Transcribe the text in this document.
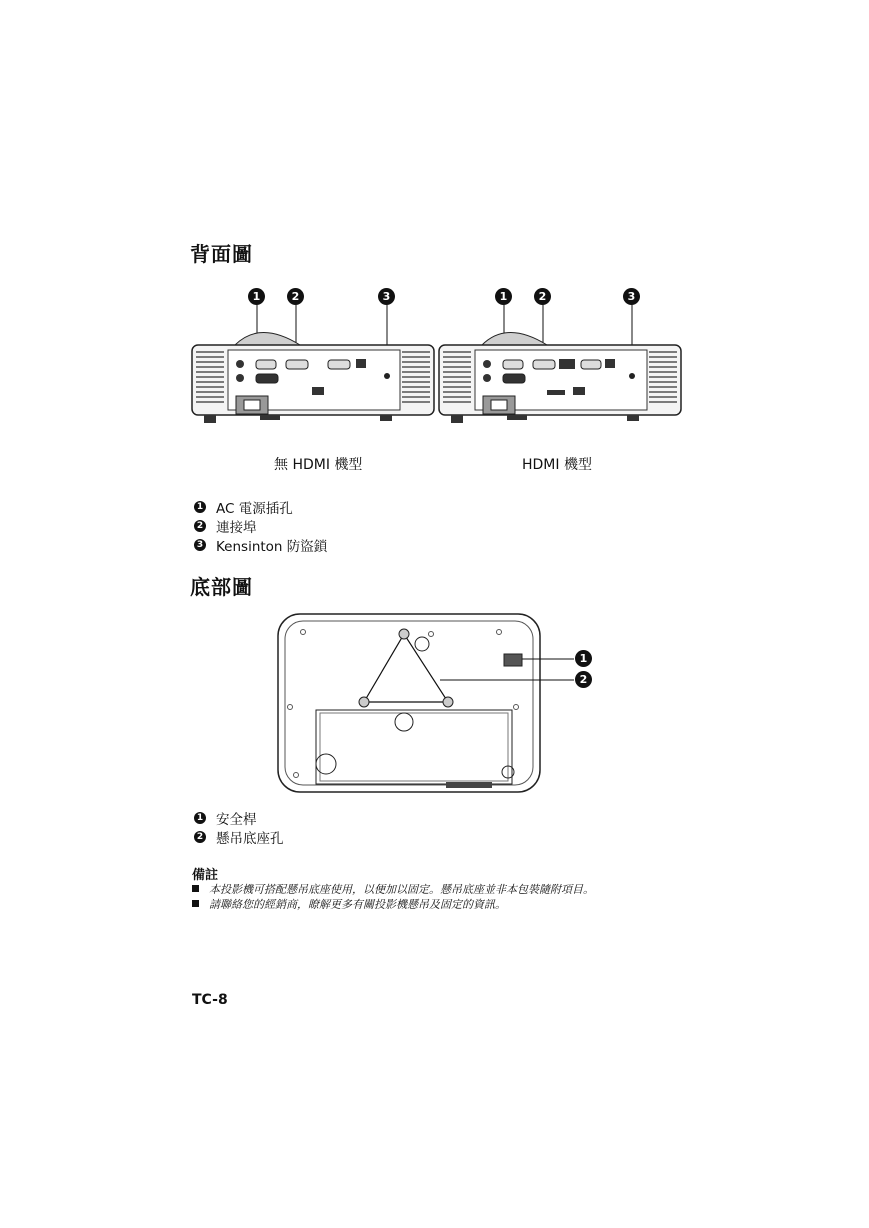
背面圖
1	2	3	1	2	3
無 HDMI 機型	HDMI 機型
1 AC 電源插孔
2 連接埠
3 Kensinton 防盜鎖
底部圖
1
2
1 安全桿
2 懸吊底座孔
備註
本投影機可搭配懸吊底座使用，以便加以固定。懸吊底座並非本包裝隨附項目。
請聯絡您的經銷商，瞭解更多有關投影機懸吊及固定的資訊。
TC-8
